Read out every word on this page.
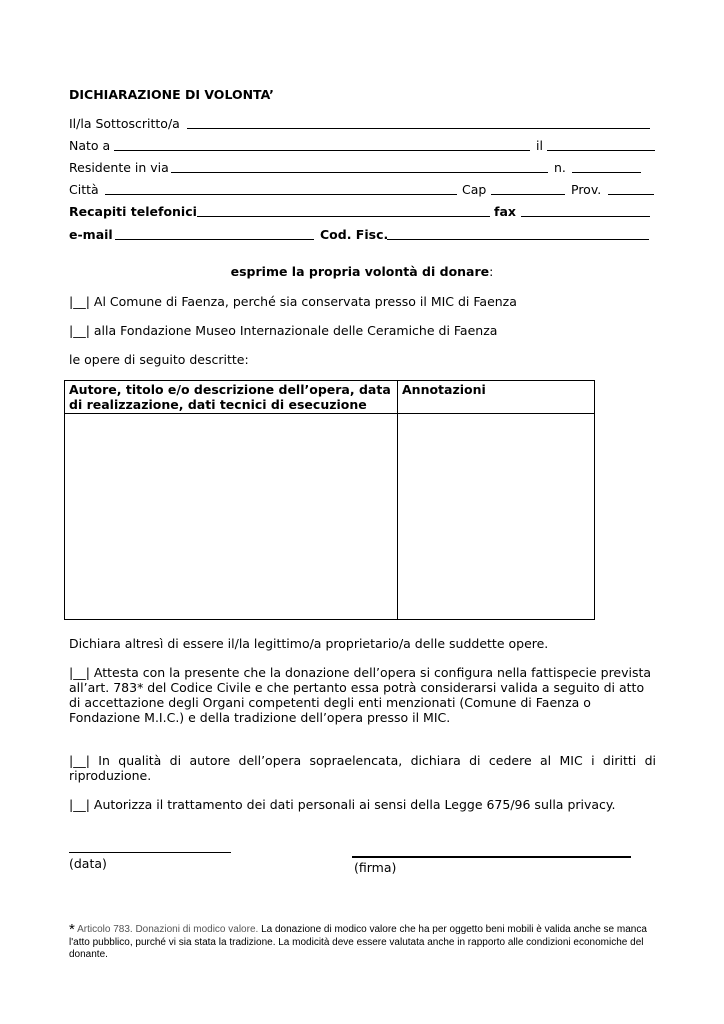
DICHIARAZIONE DI VOLONTA’
Il/la Sottoscritto/a
Nato a	il
Residente in via	n.
Città	Cap	Prov.
Recapiti telefonici	fax
e-mail	Cod. Fisc.
esprime la propria volontà di donare:
|__| Al Comune di Faenza, perché sia conservata presso il MIC di Faenza
|__| alla Fondazione Museo Internazionale delle Ceramiche di Faenza
le opere di seguito descritte:
Autore, titolo e/o descrizione dell’opera, data di realizzazione, dati tecnici di esecuzione	Annotazioni

Dichiara altresì di essere il/la legittimo/a proprietario/a delle suddette opere.
|__| Attesta con la presente che la donazione dell’opera si configura nella fattispecie prevista all’art. 783* del Codice Civile e che pertanto essa potrà considerarsi valida a seguito di atto di accettazione degli Organi competenti degli enti menzionati (Comune di Faenza o Fondazione M.I.C.) e della tradizione dell’opera presso il MIC.
|__| In qualità di autore dell’opera sopraelencata, dichiara di cedere al MIC i diritti di riproduzione.
|__| Autorizza il trattamento dei dati personali ai sensi della Legge 675/96 sulla privacy.
(data)	(firma)
* Articolo 783. Donazioni di modico valore. La donazione di modico valore che ha per oggetto beni mobili è valida anche se manca l'atto pubblico, purché vi sia stata la tradizione. La modicità deve essere valutata anche in rapporto alle condizioni economiche del donante.
